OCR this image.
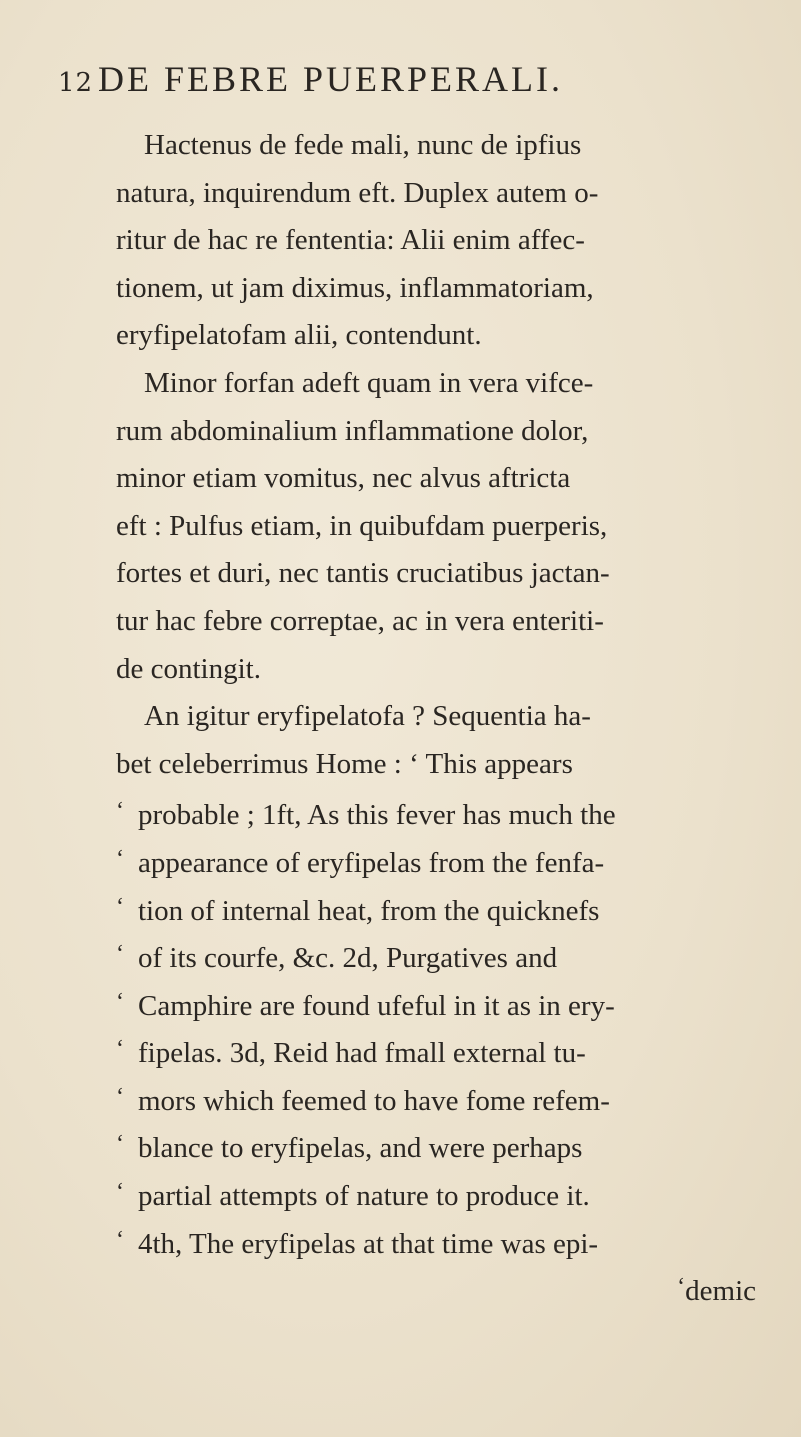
12 DE FEBRE PUERPERALI.
Hactenus de fede mali, nunc de ipfius
natura, inquirendum eft. Duplex autem o-
ritur de hac re fententia: Alii enim affec-
tionem, ut jam diximus, inflammatoriam,
eryfipelatofam alii, contendunt.
Minor forfan adeft quam in vera vifce-
rum abdominalium inflammatione dolor,
minor etiam vomitus, nec alvus aftricta
eft : Pulfus etiam, in quibufdam puerperis,
fortes et duri, nec tantis cruciatibus jactan-
tur hac febre correptae, ac in vera enteriti-
de contingit.
An igitur eryfipelatofa ? Sequentia ha-
bet celeberrimus Home : ‘ This appears
‘ probable ; 1ft, As this fever has much the
‘ appearance of eryfipelas from the fenfa-
‘ tion of internal heat, from the quicknefs
‘ of its courfe, &c. 2d, Purgatives and
‘ Camphire are found ufeful in it as in ery-
‘ fipelas. 3d, Reid had fmall external tu-
‘ mors which feemed to have fome refem-
‘ blance to eryfipelas, and were perhaps
‘ partial attempts of nature to produce it.
‘ 4th, The eryfipelas at that time was epi-
‘demic
